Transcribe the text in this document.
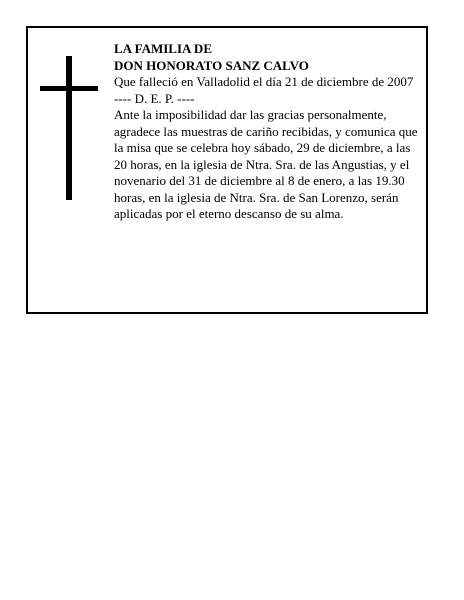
LA FAMILIA DE
DON HONORATO SANZ CALVO

Que falleció en Valladolid el día 21 de diciembre de 2007

---- D. E. P. ----

Ante la imposibilidad dar las gracias personalmente, agradece las muestras de cariño recibidas, y comunica que la misa que se celebra hoy sábado, 29 de diciembre, a las 20 horas, en la iglesia de Ntra. Sra. de las Angustias, y el novenario del 31 de diciembre al 8 de enero, a las 19.30 horas, en la iglesia de Ntra. Sra. de San Lorenzo, serán aplicadas por el eterno descanso de su alma.
